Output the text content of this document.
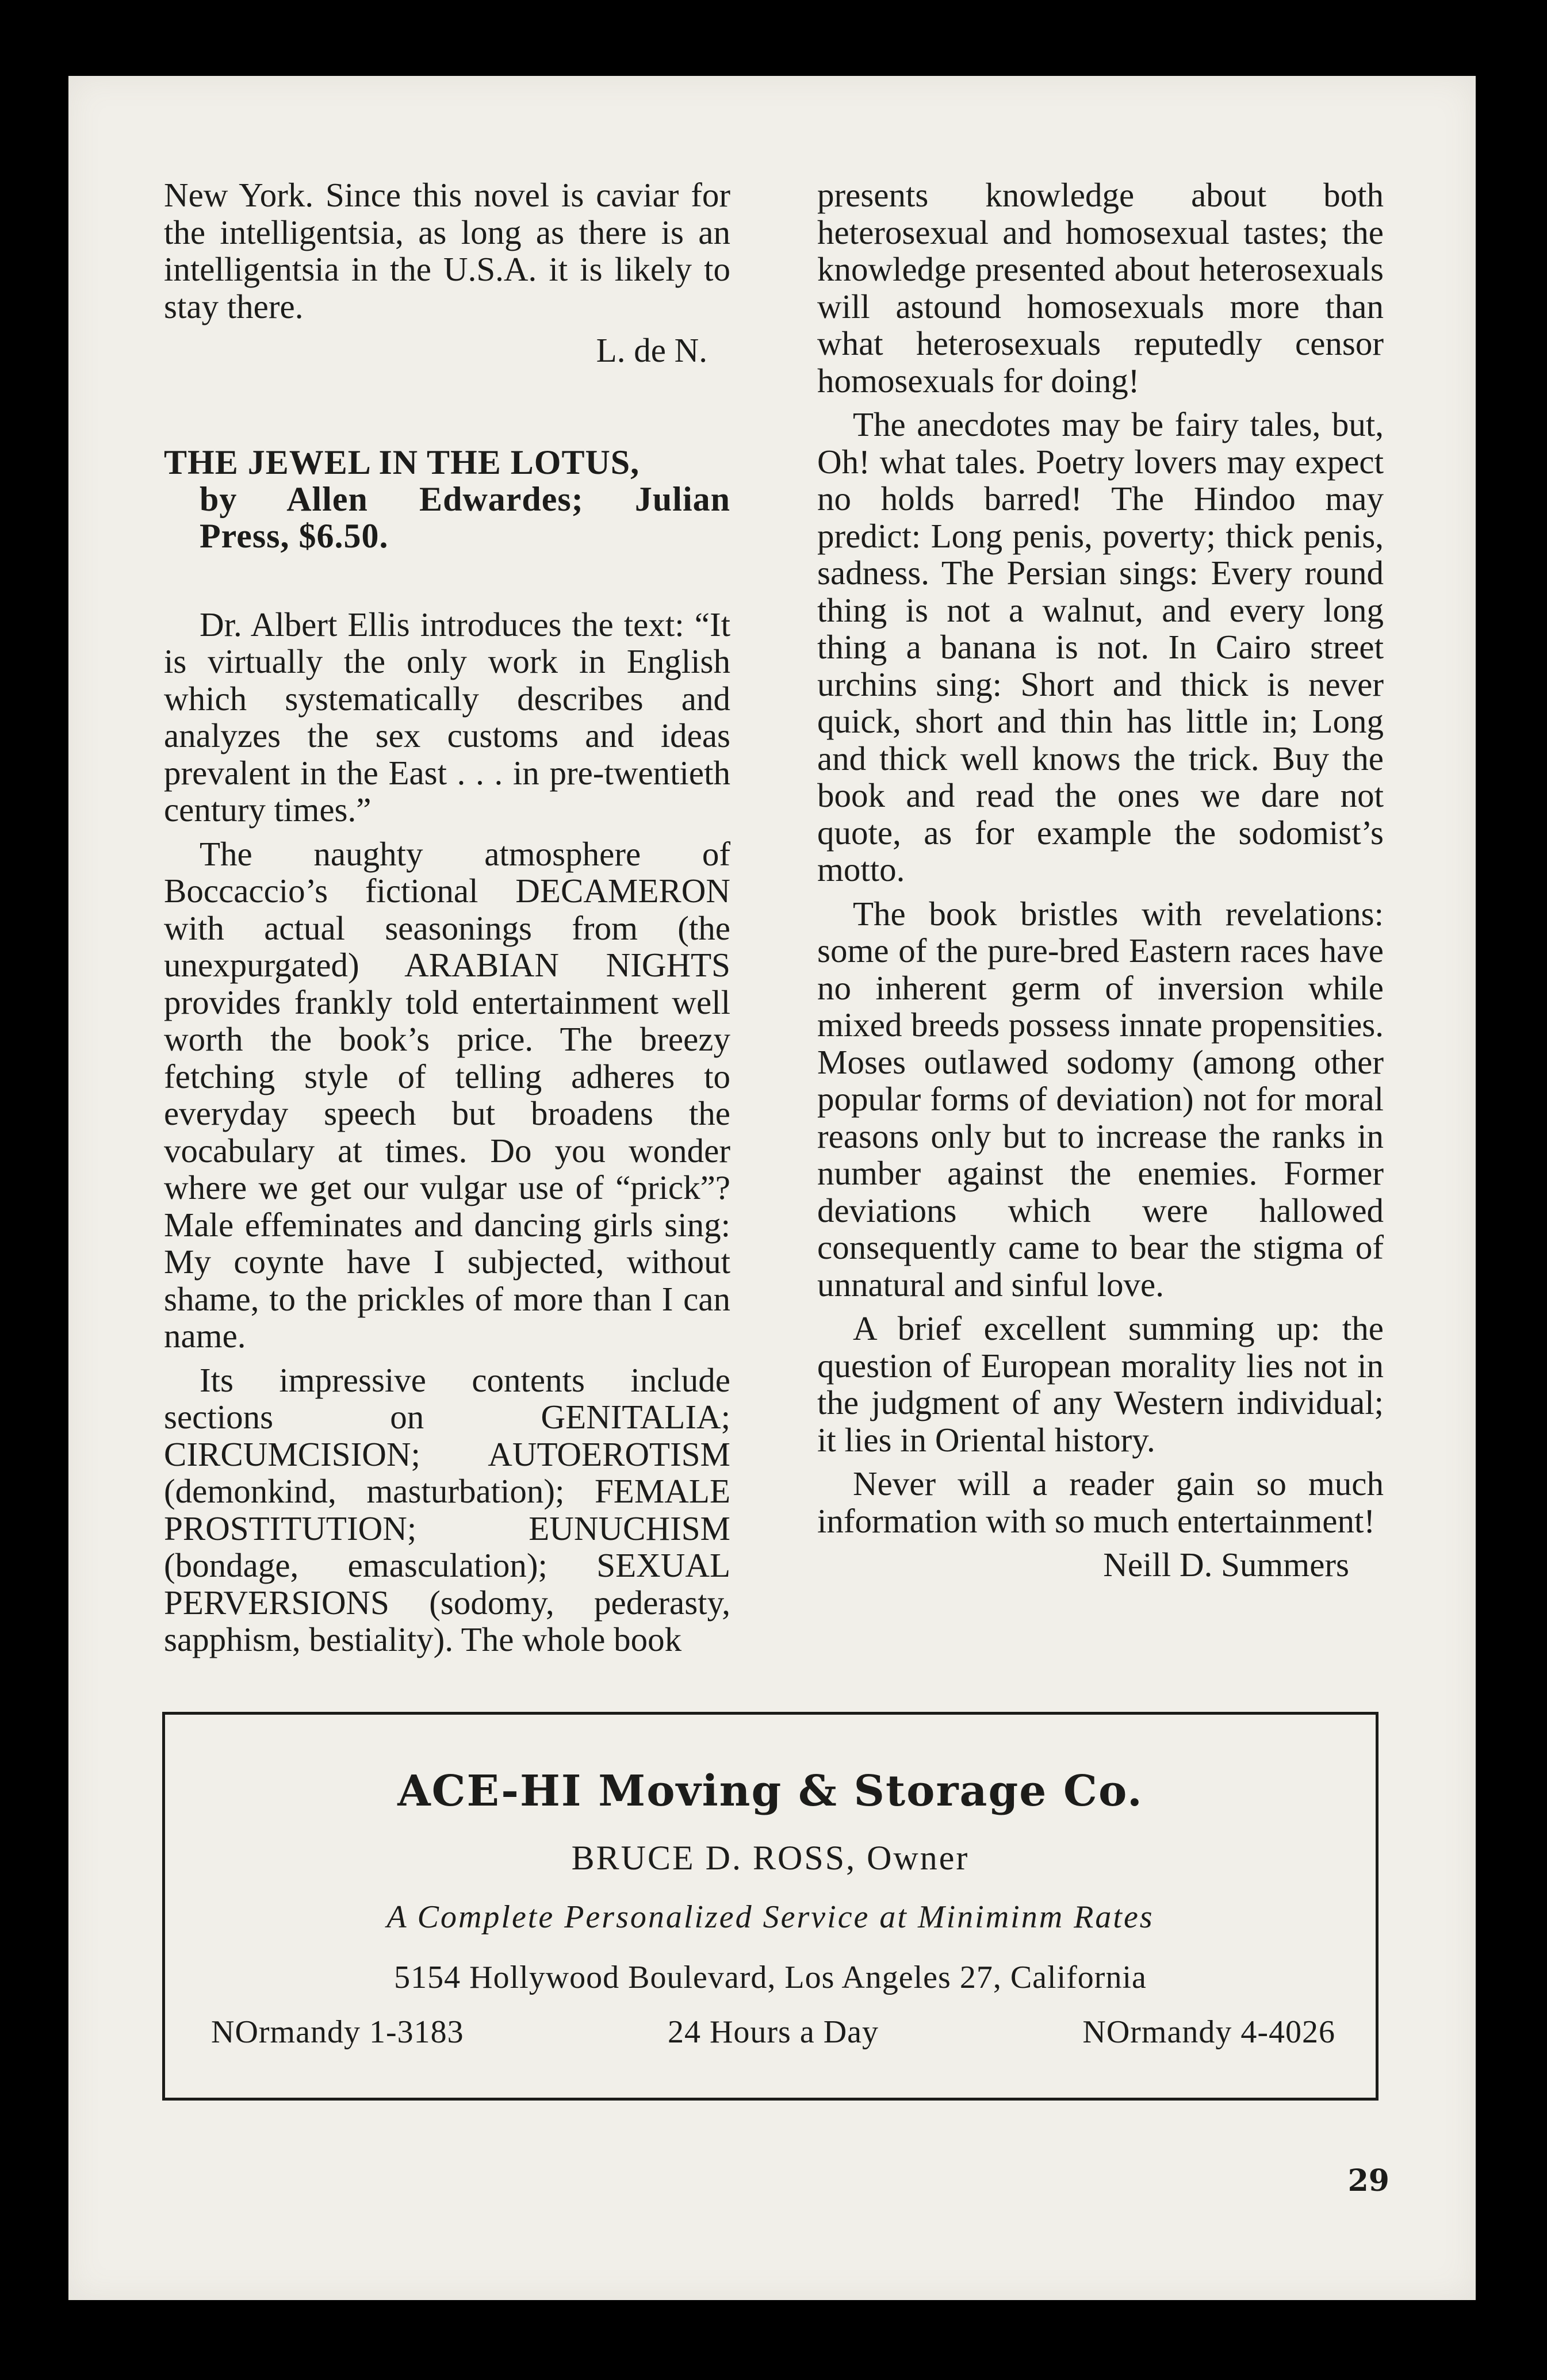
New York. Since this novel is caviar for the intelligentsia, as long as there is an intelligentsia in the U.S.A. it is likely to stay there.

L. de N.

THE JEWEL IN THE LOTUS,
by Allen Edwardes; Julian
Press, $6.50.

Dr. Albert Ellis introduces the text: “It is virtually the only work in English which systematically describes and analyzes the sex customs and ideas prevalent in the East . . . in pre-twentieth century times.”

The naughty atmosphere of Boccaccio’s fictional DECAMERON with actual seasonings from (the unexpurgated) ARABIAN NIGHTS provides frankly told entertainment well worth the book’s price. The breezy fetching style of telling adheres to everyday speech but broadens the vocabulary at times. Do you wonder where we get our vulgar use of “prick”? Male effeminates and dancing girls sing: My coynte have I subjected, without shame, to the prickles of more than I can name.

Its impressive contents include sections on GENITALIA; CIRCUMCISION; AUTOEROTISM (demonkind, masturbation); FEMALE PROSTITUTION; EUNUCHISM (bondage, emasculation); SEXUAL PERVERSIONS (sodomy, pederasty, sapphism, bestiality). The whole book

presents knowledge about both heterosexual and homosexual tastes; the knowledge presented about heterosexuals will astound homosexuals more than what heterosexuals reputedly censor homosexuals for doing!

The anecdotes may be fairy tales, but, Oh! what tales. Poetry lovers may expect no holds barred! The Hindoo may predict: Long penis, poverty; thick penis, sadness. The Persian sings: Every round thing is not a walnut, and every long thing a banana is not. In Cairo street urchins sing: Short and thick is never quick, short and thin has little in; Long and thick well knows the trick. Buy the book and read the ones we dare not quote, as for example the sodomist’s motto.

The book bristles with revelations: some of the pure-bred Eastern races have no inherent germ of inversion while mixed breeds possess innate propensities. Moses outlawed sodomy (among other popular forms of deviation) not for moral reasons only but to increase the ranks in number against the enemies. Former deviations which were hallowed consequently came to bear the stigma of unnatural and sinful love.

A brief excellent summing up: the question of European morality lies not in the judgment of any Western individual; it lies in Oriental history.

Never will a reader gain so much information with so much entertainment!

Neill D. Summers

ACE-HI Moving & Storage Co.
BRUCE D. ROSS, Owner
A Complete Personalized Service at Miniminm Rates
5154 Hollywood Boulevard, Los Angeles 27, California
NOrmandy 1-3183	24 Hours a Day	NOrmandy 4-4026
29
